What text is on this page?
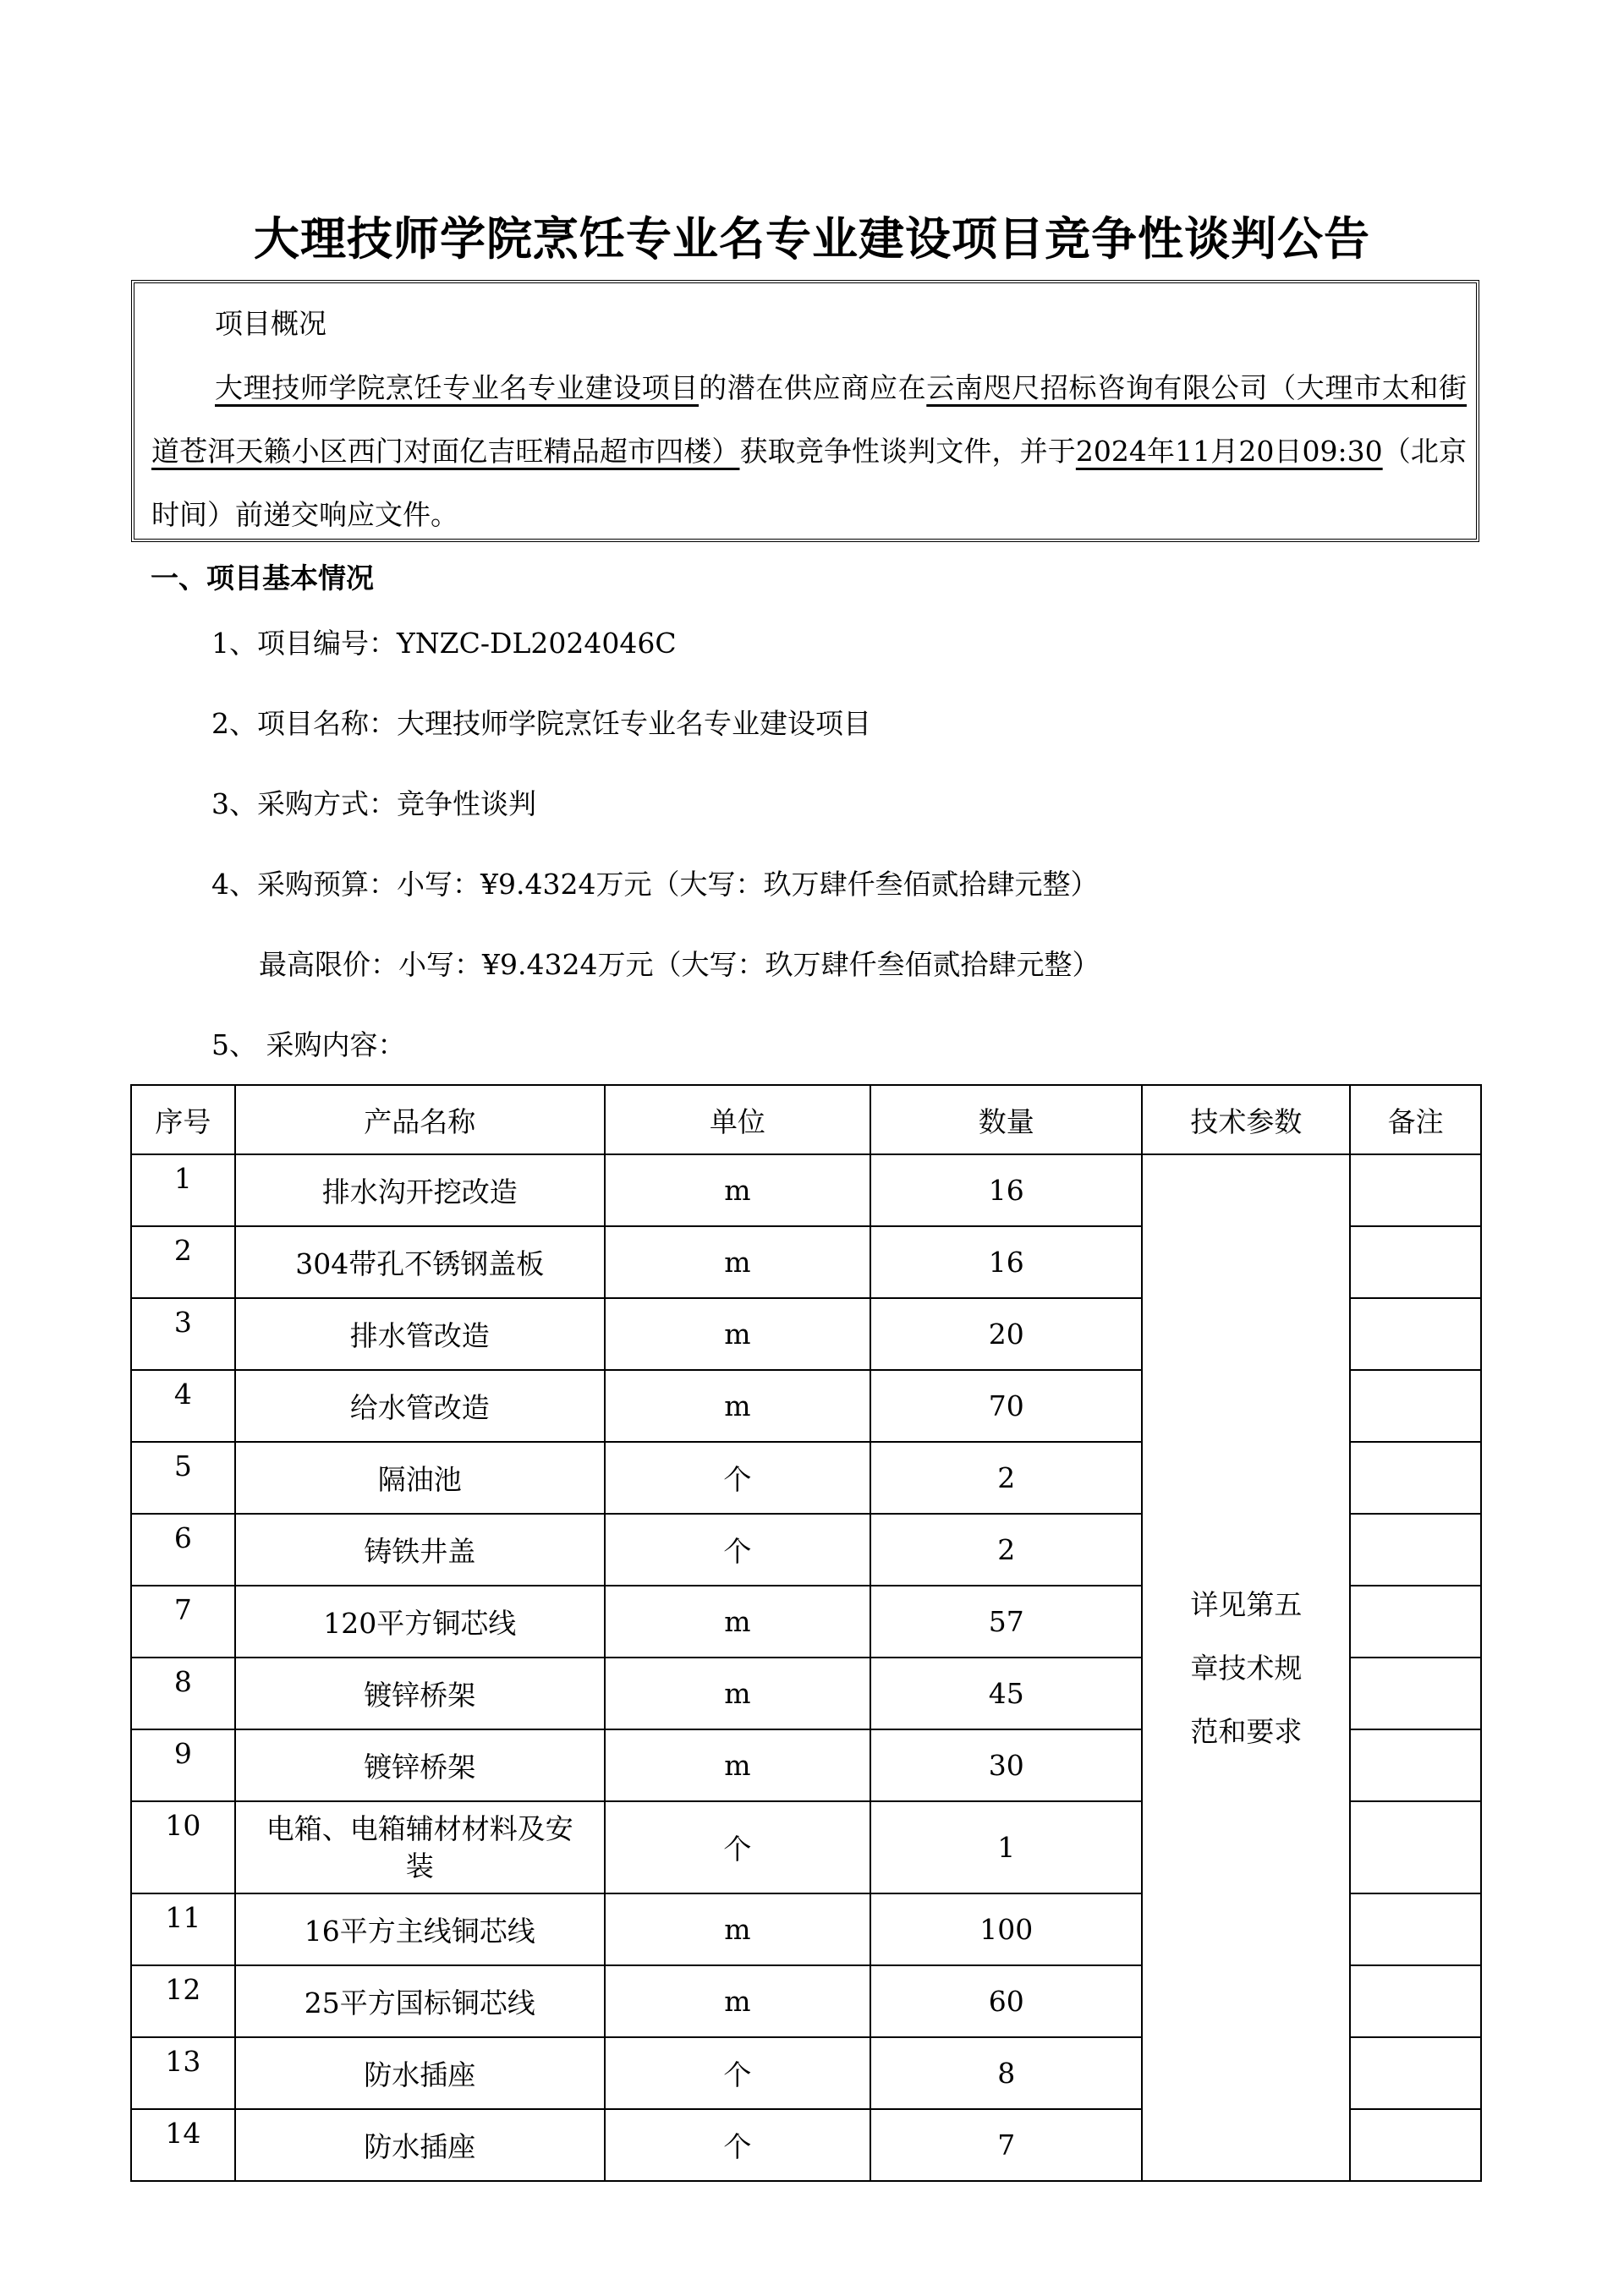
大理技师学院烹饪专业名专业建设项目竞争性谈判公告
项目概况
大理技师学院烹饪专业名专业建设项目的潜在供应商应在云南咫尺招标咨询有限公司（大理市太和街道苍洱天籁小区西门对面亿吉旺精品超市四楼）获取竞争性谈判文件，并于2024年11月20日09:30（北京时间）前递交响应文件。
一、项目基本情况
1、项目编号：YNZC-DL2024046C
2、项目名称：大理技师学院烹饪专业名专业建设项目
3、采购方式：竞争性谈判
4、采购预算：小写：¥9.4324万元（大写：玖万肆仟叁佰贰拾肆元整）
最高限价：小写：¥9.4324万元（大写：玖万肆仟叁佰贰拾肆元整）
5、 采购内容：
序号	产品名称	单位	数量	技术参数	备注
1	排水沟开挖改造	m	16	详见第五章技术规范和要求	
2	304带孔不锈钢盖板	m	16		
3	排水管改造	m	20		
4	给水管改造	m	70		
5	隔油池	个	2		
6	铸铁井盖	个	2		
7	120平方铜芯线	m	57		
8	镀锌桥架	m	45		
9	镀锌桥架	m	30		
10	电箱、电箱辅材材料及安装	个	1		
11	16平方主线铜芯线	m	100		
12	25平方国标铜芯线	m	60		
13	防水插座	个	8		
14	防水插座	个	7		
